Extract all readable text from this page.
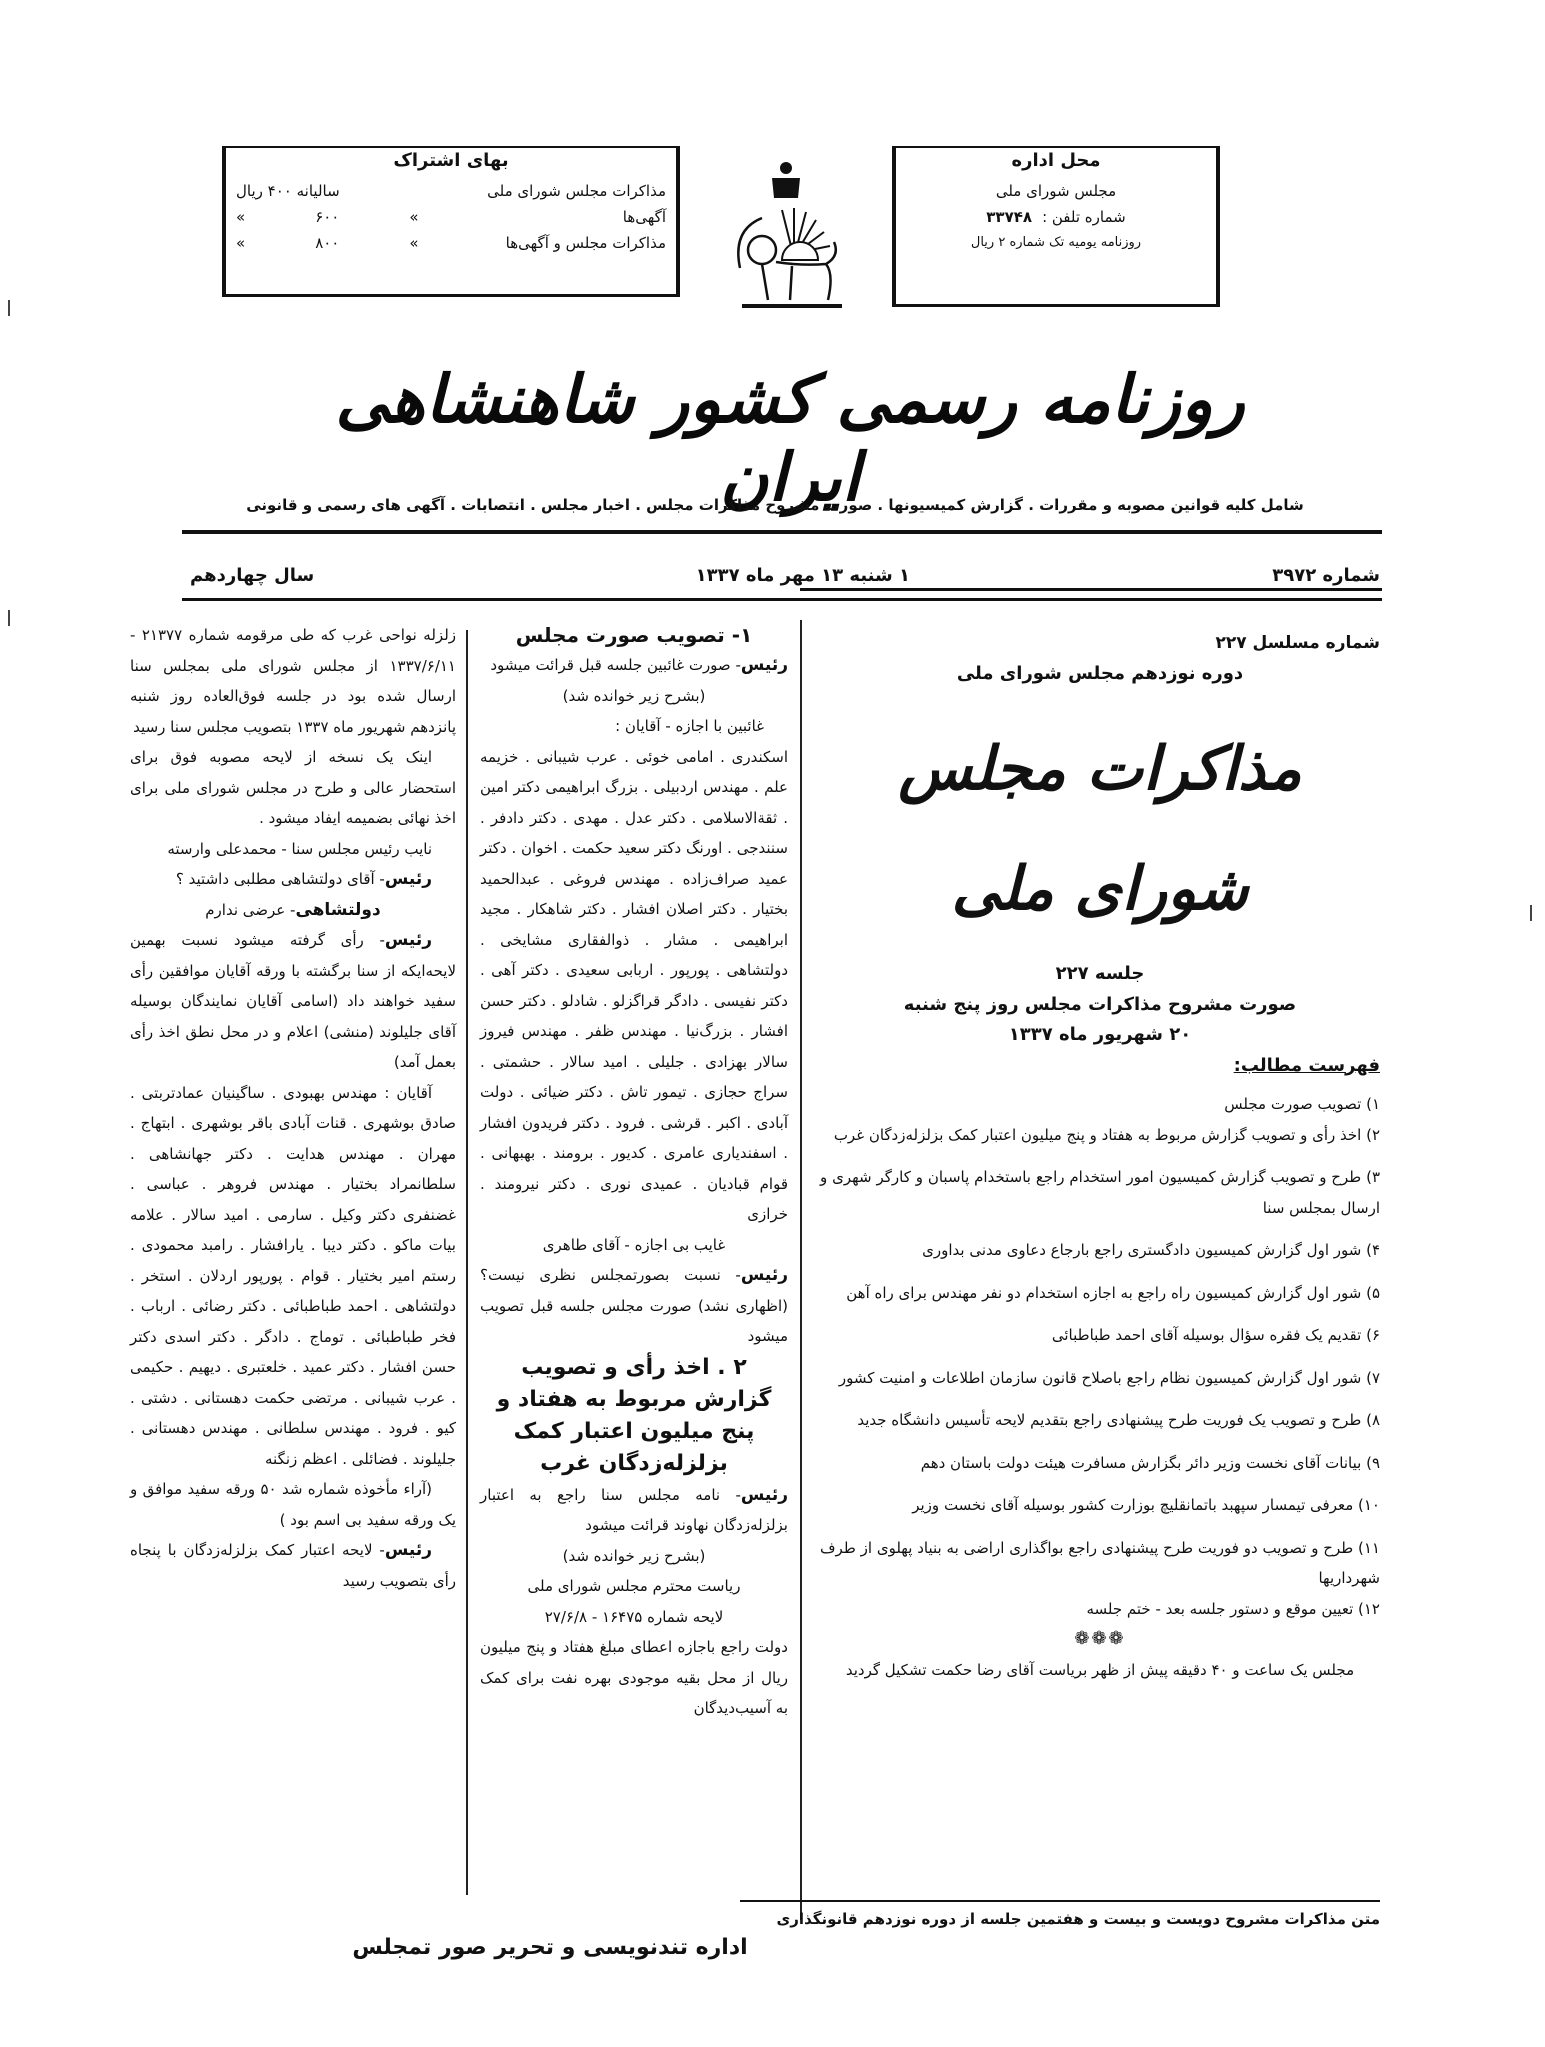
محل اداره
مجلس شورای ملی
شماره تلفن :
۳۳۷۴۸
روزنامه یومیه تک شماره ۲ ریال
بهای اشتراک
مذاکرات مجلس شورای ملی
سالیانه ۴۰۰ ریال
آگهی‌ها
»
۶۰۰
»
مذاکرات مجلس و آگهی‌ها
»
۸۰۰
»
روزنامه رسمی کشور شاهنشاهی ایران
شامل کلیه قوانین مصوبه و مقررات . گزارش کمیسیونها . صورت مشروح مذاکرات مجلس . اخبار مجلس . انتصابات . آگهی های رسمی و قانونی
شماره ۳۹۷۲
۱ شنبه ۱۳ مهر ماه ۱۳۳۷
سال چهاردهم

شماره مسلسل ۲۲۷

دوره نوزدهم مجلس شورای ملی

مذاکرات مجلس شورای ملی

جلسه ۲۲۷

صورت مشروح مذاکرات مجلس روز پنج شنبه

۲۰ شهریور ماه ۱۳۳۷

فهرست مطالب:

۱) تصویب صورت مجلس

۲) اخذ رأی و تصویب گزارش مربوط به هفتاد و پنج میلیون اعتبار کمک بزلزله‌زدگان غرب

۳) طرح و تصویب گزارش کمیسیون امور استخدام راجع باستخدام پاسبان و کارگر شهری و ارسال بمجلس سنا

۴) شور اول گزارش کمیسیون دادگستری راجع بارجاع دعاوی مدنی بداوری

۵) شور اول گزارش کمیسیون راه راجع به اجازه استخدام دو نفر مهندس برای راه آهن

۶) تقدیم یک فقره سؤال بوسیله آقای احمد طباطبائی

۷) شور اول گزارش کمیسیون نظام راجع باصلاح قانون سازمان اطلاعات و امنیت کشور

۸) طرح و تصویب یک فوریت طرح پیشنهادی راجع بتقدیم لایحه تأسیس دانشگاه جدید

۹) بیانات آقای نخست وزیر دائر بگزارش مسافرت هیئت دولت باستان دهم

۱۰) معرفی تیمسار سپهبد باتمانقلیچ بوزارت کشور بوسیله آقای نخست وزیر

۱۱) طرح و تصویب دو فوریت طرح پیشنهادی راجع بواگذاری اراضی به بنیاد پهلوی از طرف شهرداریها

۱۲) تعیین موقع و دستور جلسه بعد - ختم جلسه

❁❁❁

مجلس یک ساعت و ۴۰ دقیقه پیش از ظهر بریاست آقای رضا حکمت تشکیل گردید

۱- تصویب صورت مجلس

رئیس- صورت غائبین جلسه قبل قرائت میشود

(بشرح زیر خوانده شد)

غائبین با اجازه - آقایان :

اسکندری . امامی خوئی . عرب شیبانی . خزیمه علم . مهندس اردبیلی . بزرگ ابراهیمی دکتر امین . ثقة‌الاسلامی . دکتر عدل . مهدی . دکتر دادفر . سنندجی . اورنگ دکتر سعید حکمت . اخوان . دکتر عمید صراف‌زاده . مهندس فروغی . عبدالحمید بختیار . دکتر اصلان افشار . دکتر شاهکار . مجید ابراهیمی . مشار . ذوالفقاری مشایخی . دولتشاهی . پورپور . اربابی سعیدی . دکتر آهی . دکتر نفیسی . دادگر قراگزلو . شادلو . دکتر حسن افشار . بزرگ‌نیا . مهندس ظفر . مهندس فیروز سالار بهزادی . جلیلی . امید سالار . حشمتی . سراج حجازی . تیمور تاش . دکتر ضیائی . دولت آبادی . اکبر . قرشی . فرود . دکتر فریدون افشار . اسفندیاری عامری . کدیور . برومند . بهبهانی . قوام قبادیان . عمیدی نوری . دکتر نیرومند . خرازی

غایب بی اجازه - آقای طاهری

رئیس- نسبت بصورتمجلس نظری نیست؟ (اظهاری نشد) صورت مجلس جلسه قبل تصویب میشود

۲ . اخذ رأی و تصویب گزارش مربوط به هفتاد و پنج میلیون اعتبار کمک بزلزله‌زدگان غرب

رئیس- نامه مجلس سنا راجع به اعتبار بزلزله‌زدگان نهاوند قرائت میشود

(بشرح زیر خوانده شد)

ریاست محترم مجلس شورای ملی

لایحه شماره ۱۶۴۷۵ - ۲۷/۶/۸

دولت راجع باجازه اعطای مبلغ هفتاد و پنج میلیون ریال از محل بقیه موجودی بهره نفت برای کمک به آسیب‌دیدگان

زلزله نواحی غرب که طی مرقومه شماره ۲۱۳۷۷ - ۱۳۳۷/۶/۱۱ از مجلس شورای ملی بمجلس سنا ارسال شده بود در جلسه فوق‌العاده روز شنبه پانزدهم شهریور ماه ۱۳۳۷ بتصویب مجلس سنا رسید

اینک یک نسخه از لایحه مصوبه فوق برای استحضار عالی و طرح در مجلس شورای ملی برای اخذ نهائی بضمیمه ایفاد میشود .

نایب رئیس مجلس سنا - محمدعلی وارسته

رئیس- آقای دولتشاهی مطلبی داشتید ؟

دولتشاهی- عرضی ندارم

رئیس- رأی گرفته میشود نسبت بهمین لایحه‌ایکه از سنا برگشته با ورقه آقایان موافقین رأی سفید خواهند داد (اسامی آقایان نمایندگان بوسیله آقای جلیلوند (منشی) اعلام و در محل نطق اخذ رأی بعمل آمد)

آقایان : مهندس بهبودی . ساگینیان عمادتربتی . صادق بوشهری . قنات آبادی باقر بوشهری . ابتهاج . مهران . مهندس هدایت . دکتر جهانشاهی . سلطانمراد بختیار . مهندس فروهر . عباسی . غضنفری دکتر وکیل . سارمی . امید سالار . علامه بیات ماکو . دکتر دیبا . یارافشار . رامبد محمودی . رستم امیر بختیار . قوام . پورپور اردلان . استخر . دولتشاهی . احمد طباطبائی . دکتر رضائی . ارباب . فخر طباطبائی . توماج . دادگر . دکتر اسدی دکتر حسن افشار . دکتر عمید . خلعتبری . دیهیم . حکیمی . عرب شیبانی . مرتضی حکمت دهستانی . دشتی . کیو . فرود . مهندس سلطانی . مهندس دهستانی . جلیلوند . فضائلی . اعظم زنگنه

(آراء مأخوذه شماره شد ۵۰ ورقه سفید موافق و یک ورقه سفید بی اسم بود )

رئیس- لایحه اعتبار کمک بزلزله‌زدگان با پنجاه رأی بتصویب رسید

متن مذاکرات مشروح دویست و بیست و هفتمین جلسه از دوره نوزدهم قانونگذاری
اداره تندنویسی و تحریر صور تمجلس
